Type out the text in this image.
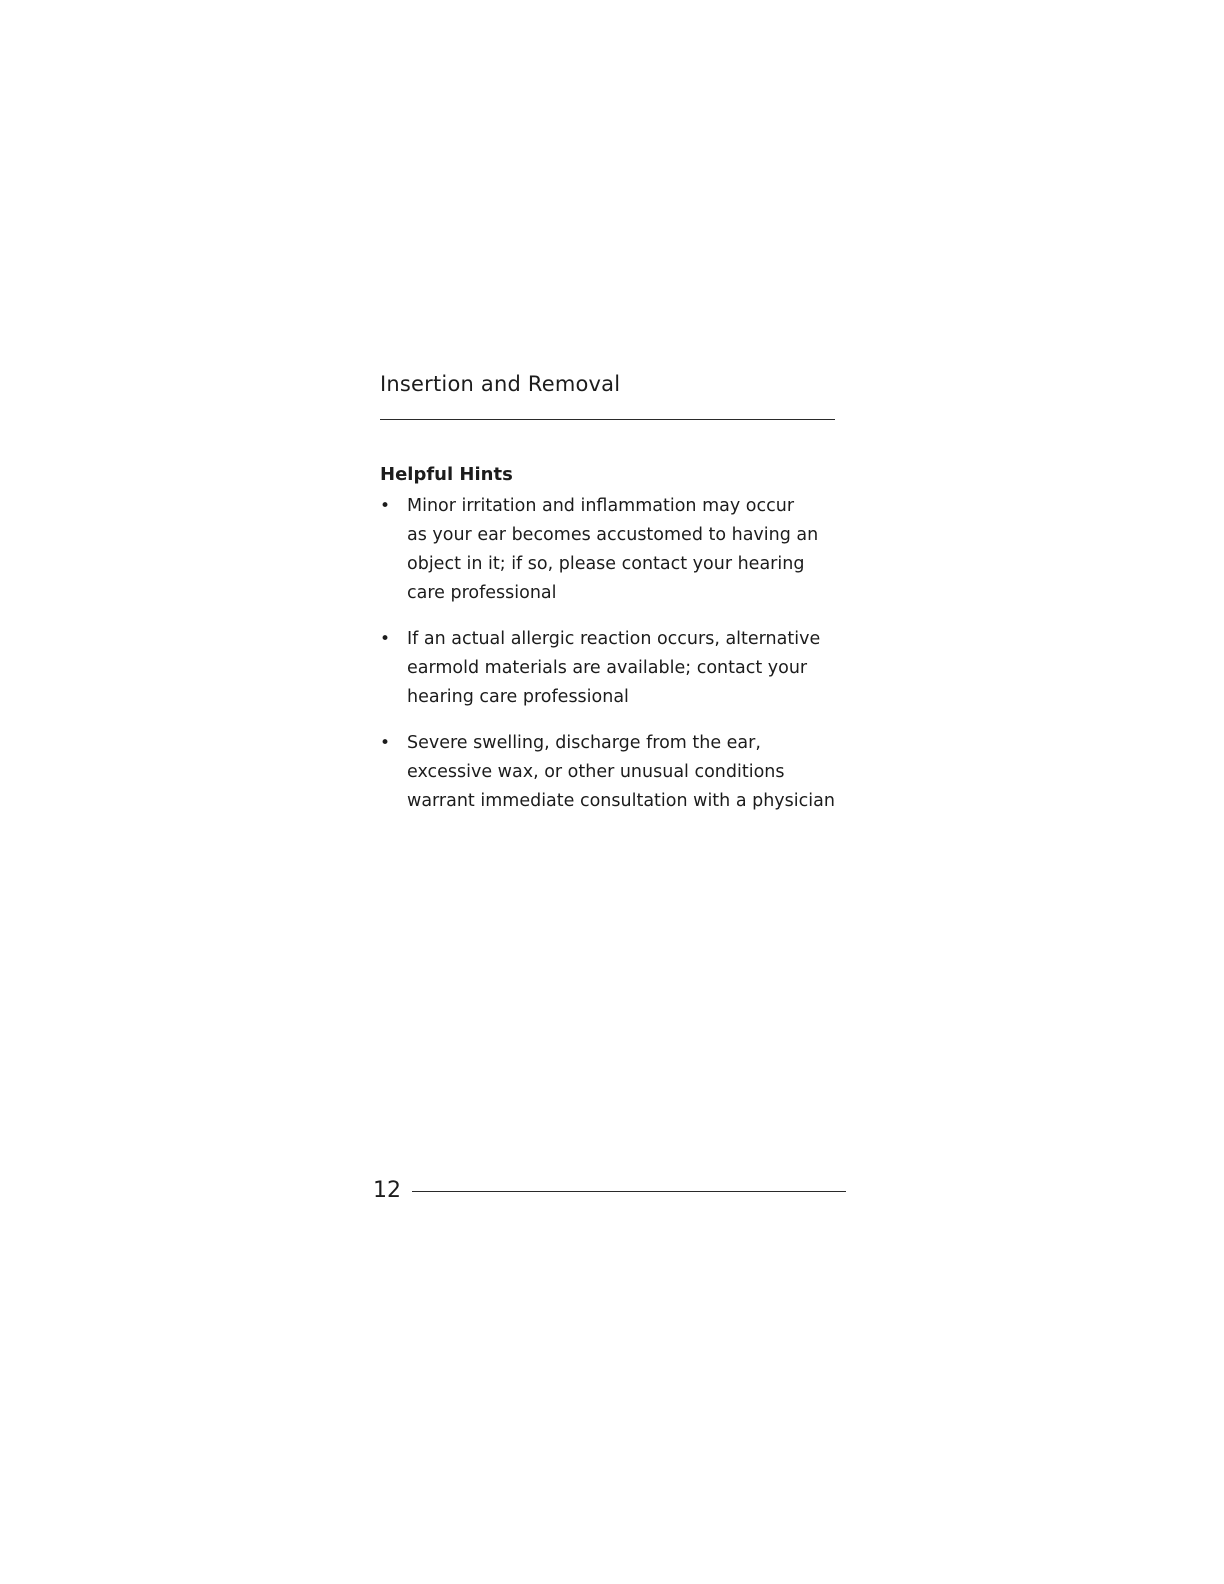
Insertion and Removal
Helpful Hints
• Minor irritation and inflammation may occur
as your ear becomes accustomed to having an
object in it; if so, please contact your hearing
care professional
• If an actual allergic reaction occurs, alternative
earmold materials are available; contact your
hearing care professional
• Severe swelling, discharge from the ear,
excessive wax, or other unusual conditions
warrant immediate consultation with a physician
12
